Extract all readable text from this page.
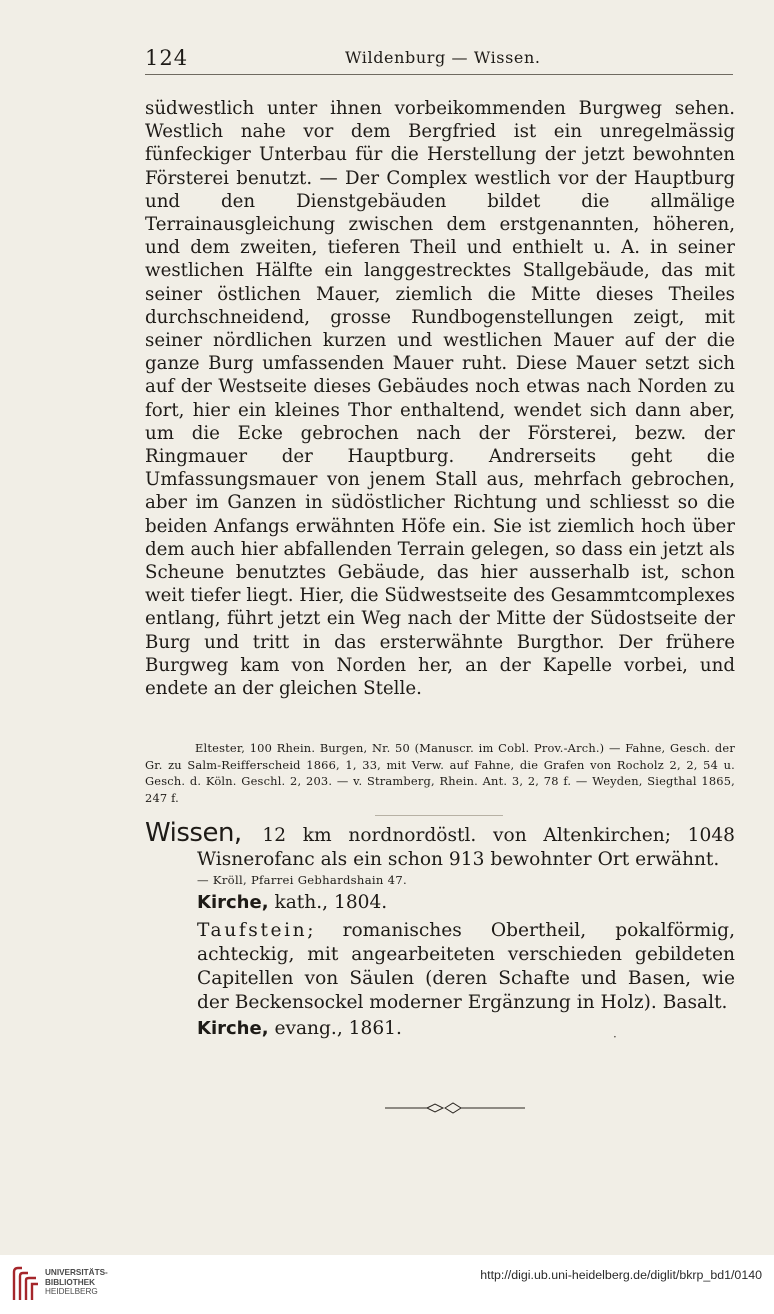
124	Wildenburg — Wissen.

südwestlich unter ihnen vorbeikommenden Burgweg sehen. Westlich nahe vor dem Bergfried ist ein unregelmässig fünfeckiger Unterbau für die Herstellung der jetzt bewohnten Försterei benutzt. — Der Complex westlich vor der Hauptburg und den Dienstgebäuden bildet die allmälige Terrainausgleichung zwischen dem erstgenannten, höheren, und dem zweiten, tieferen Theil und enthielt u. A. in seiner westlichen Hälfte ein langgestrecktes Stallgebäude, das mit seiner östlichen Mauer, ziemlich die Mitte dieses Theiles durchschneidend, grosse Rundbogenstellungen zeigt, mit seiner nördlichen kurzen und westlichen Mauer auf der die ganze Burg umfassenden Mauer ruht. Diese Mauer setzt sich auf der Westseite dieses Gebäudes noch etwas nach Norden zu fort, hier ein kleines Thor enthaltend, wendet sich dann aber, um die Ecke gebrochen nach der Försterei, bezw. der Ringmauer der Hauptburg. Andrerseits geht die Umfassungsmauer von jenem Stall aus, mehrfach gebrochen, aber im Ganzen in südöstlicher Richtung und schliesst so die beiden Anfangs erwähnten Höfe ein. Sie ist ziemlich hoch über dem auch hier abfallenden Terrain gelegen, so dass ein jetzt als Scheune benutztes Gebäude, das hier ausserhalb ist, schon weit tiefer liegt. Hier, die Südwestseite des Gesammtcomplexes entlang, führt jetzt ein Weg nach der Mitte der Südostseite der Burg und tritt in das ersterwähnte Burgthor. Der frühere Burgweg kam von Norden her, an der Kapelle vorbei, und endete an der gleichen Stelle.

Eltester, 100 Rhein. Burgen, Nr. 50 (Manuscr. im Cobl. Prov.-Arch.) — Fahne, Gesch. der Gr. zu Salm-Reifferscheid 1866, 1, 33, mit Verw. auf Fahne, die Grafen von Rocholz 2, 2, 54 u. Gesch. d. Köln. Geschl. 2, 203. — v. Stramberg, Rhein. Ant. 3, 2, 78 f. — Weyden, Siegthal 1865, 247 f.

Wissen, 12 km nordnordöstl. von Altenkirchen; 1048 Wisnerofanc als ein schon 913 bewohnter Ort erwähnt.

— Kröll, Pfarrei Gebhardshain 47.

Kirche, kath., 1804.

Taufstein; romanisches Obertheil, pokalförmig, achteckig, mit angearbeiteten verschieden gebildeten Capitellen von Säulen (deren Schafte und Basen, wie der Beckensockel moderner Ergänzung in Holz). Basalt.

Kirche, evang., 1861.	·
UNIVERSITÄTS-
BIBLIOTHEK
HEIDELBERG
http://digi.ub.uni-heidelberg.de/diglit/bkrp_bd1/0140
